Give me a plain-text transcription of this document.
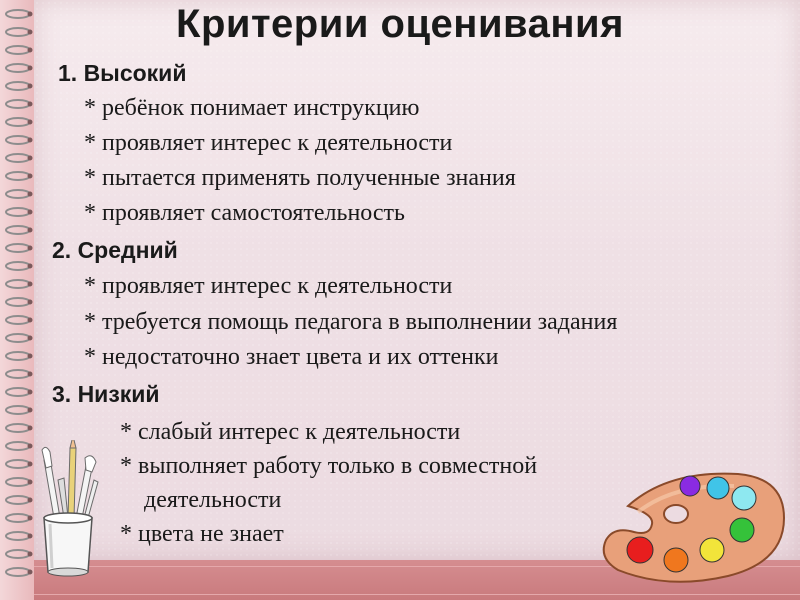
Критерии оценивания
1. Высокий
* ребёнок понимает инструкцию
* проявляет интерес к деятельности
* пытается применять полученные знания
* проявляет самостоятельность
2. Средний
* проявляет интерес к деятельности
* требуется помощь педагога в выполнении задания
* недостаточно знает цвета и их оттенки
3. Низкий
* слабый интерес к деятельности
* выполняет работу только в совместной
деятельности
* цвета не знает
